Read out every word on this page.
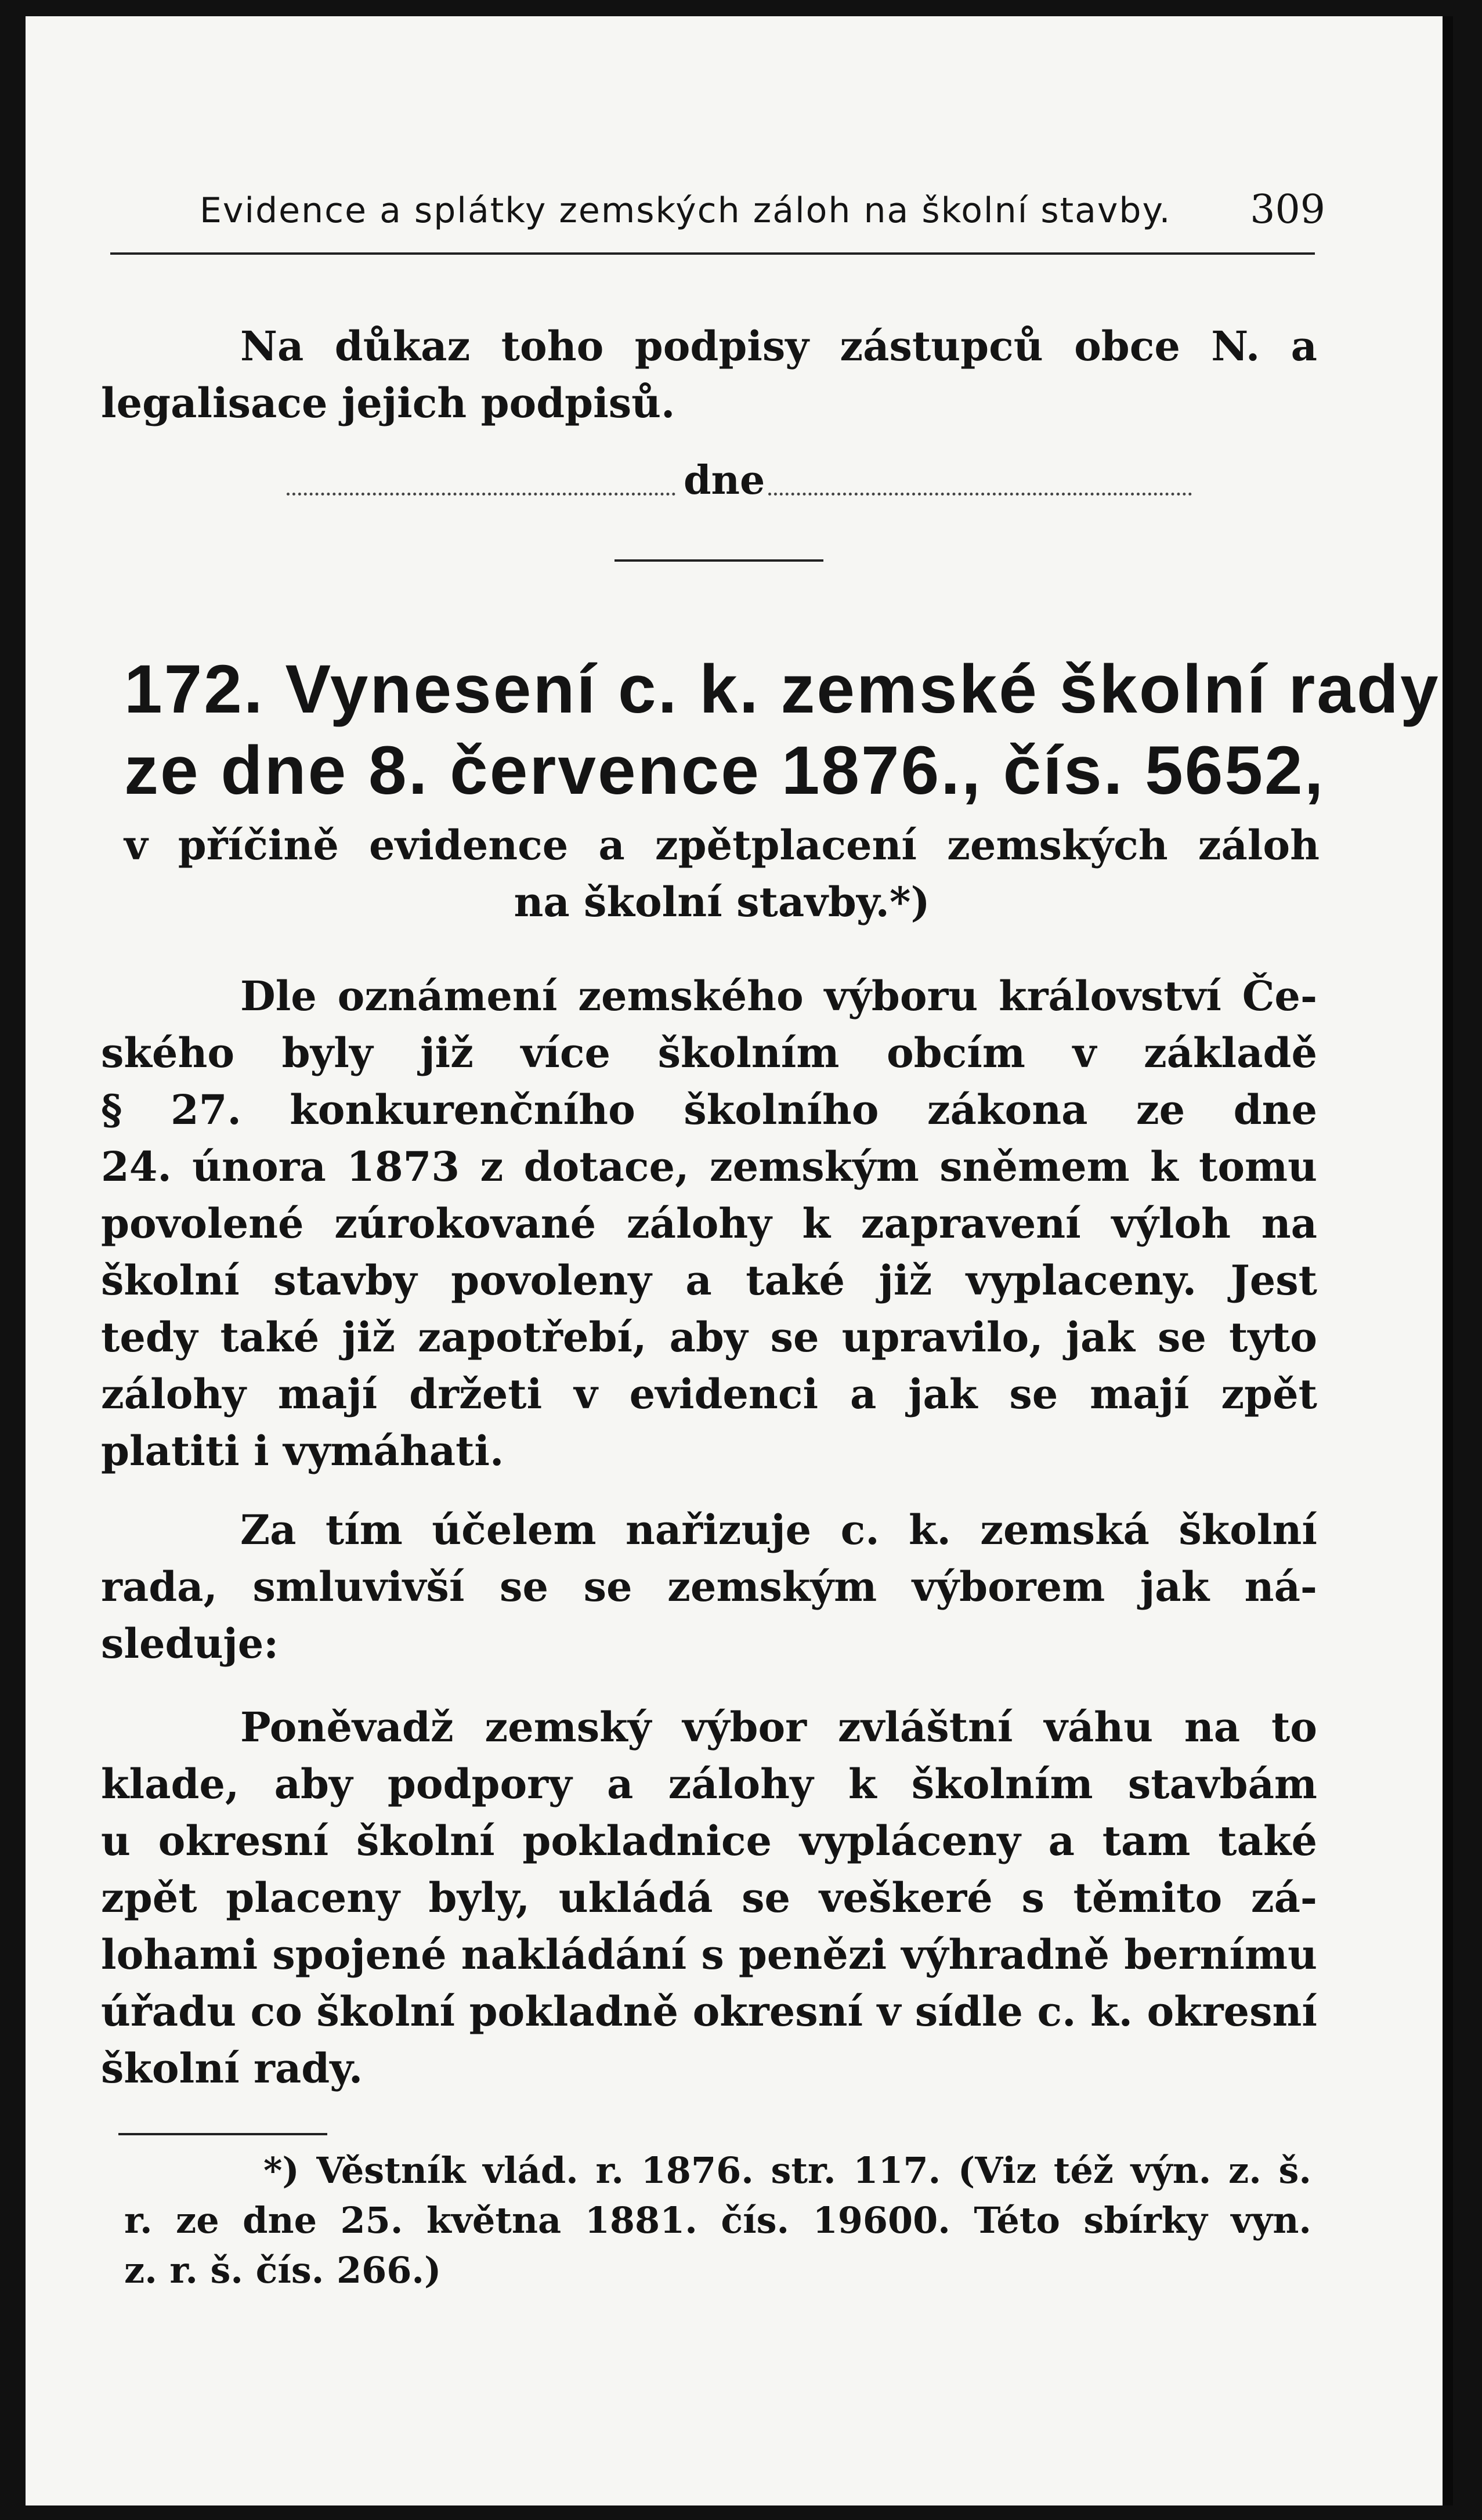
Evidence a splátky zemských záloh na školní stavby. 309
Na důkaz toho podpisy zástupců obce N. a
legalisace jejich podpisů.
dne
172. Vynesení c. k. zemské školní rady
ze dne 8. července 1876., čís. 5652,
v příčině evidence a zpětplacení zemských záloh
na školní stavby.*)
Dle oznámení zemského výboru království Če-
ského byly již více školním obcím v základě
§ 27. konkurenčního školního zákona ze dne
24. února 1873 z dotace, zemským sněmem k tomu
povolené zúrokované zálohy k zapravení výloh na
školní stavby povoleny a také již vyplaceny. Jest
tedy také již zapotřebí, aby se upravilo, jak se tyto
zálohy mají držeti v evidenci a jak se mají zpět
platiti i vymáhati.
Za tím účelem nařizuje c. k. zemská školní
rada, smluvivší se se zemským výborem jak ná-
sleduje:
Poněvadž zemský výbor zvláštní váhu na to
klade, aby podpory a zálohy k školním stavbám
u okresní školní pokladnice vypláceny a tam také
zpět placeny byly, ukládá se veškeré s těmito zá-
lohami spojené nakládání s penězi výhradně bernímu
úřadu co školní pokladně okresní v sídle c. k. okresní
školní rady.
*) Věstník vlád. r. 1876. str. 117. (Viz též výn. z. š.
r. ze dne 25. května 1881. čís. 19600. Této sbírky vyn.
z. r. š. čís. 266.)
